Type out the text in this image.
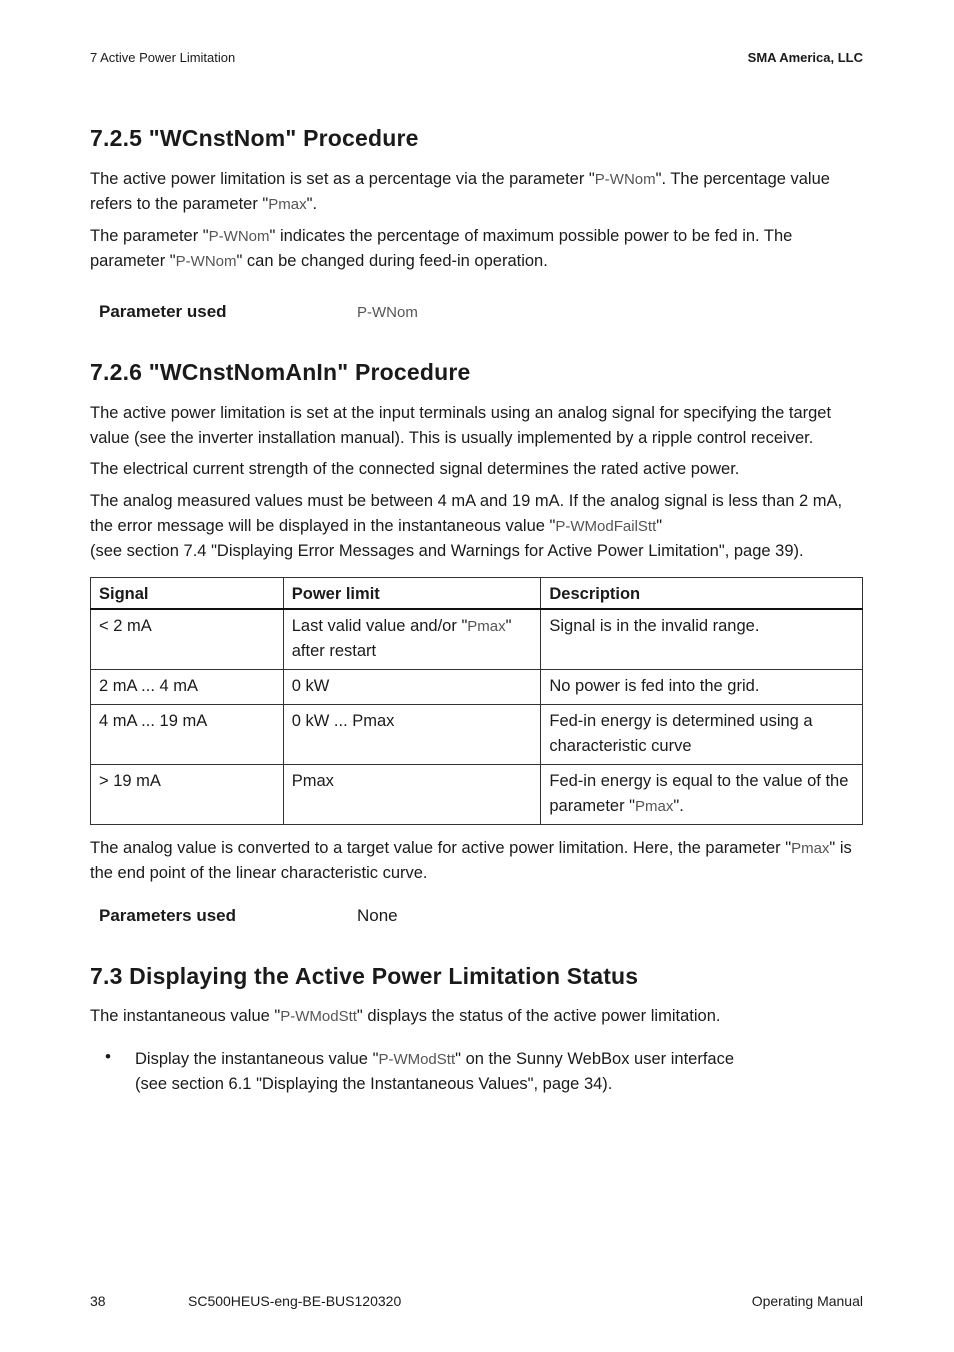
7 Active Power Limitation	SMA America, LLC
7.2.5 "WCnstNom" Procedure

The active power limitation is set as a percentage via the parameter "P-WNom". The percentage value refers to the parameter "Pmax".

The parameter "P-WNom" indicates the percentage of maximum possible power to be fed in. The parameter "P-WNom" can be changed during feed-in operation.

Parameter used	P-WNom
7.2.6 "WCnstNomAnIn" Procedure

The active power limitation is set at the input terminals using an analog signal for specifying the target value (see the inverter installation manual). This is usually implemented by a ripple control receiver.

The electrical current strength of the connected signal determines the rated active power.

The analog measured values must be between 4 mA and 19 mA. If the analog signal is less than 2 mA, the error message will be displayed in the instantaneous value "P-WModFailStt"
(see section 7.4 "Displaying Error Messages and Warnings for Active Power Limitation", page 39).

Signal	Power limit	Description
< 2 mA	Last valid value and/or "Pmax" after restart	Signal is in the invalid range.
2 mA ... 4 mA	0 kW	No power is fed into the grid.
4 mA ... 19 mA	0 kW ... Pmax	Fed-in energy is determined using a characteristic curve
> 19 mA	Pmax	Fed-in energy is equal to the value of the parameter "Pmax".

The analog value is converted to a target value for active power limitation. Here, the parameter "Pmax" is the end point of the linear characteristic curve.

Parameters used	None
7.3 Displaying the Active Power Limitation Status

The instantaneous value "P-WModStt" displays the status of the active power limitation.

• Display the instantaneous value "P-WModStt" on the Sunny WebBox user interface
(see section 6.1 "Displaying the Instantaneous Values", page 34).

38	SC500HEUS-eng-BE-BUS120320	Operating Manual
